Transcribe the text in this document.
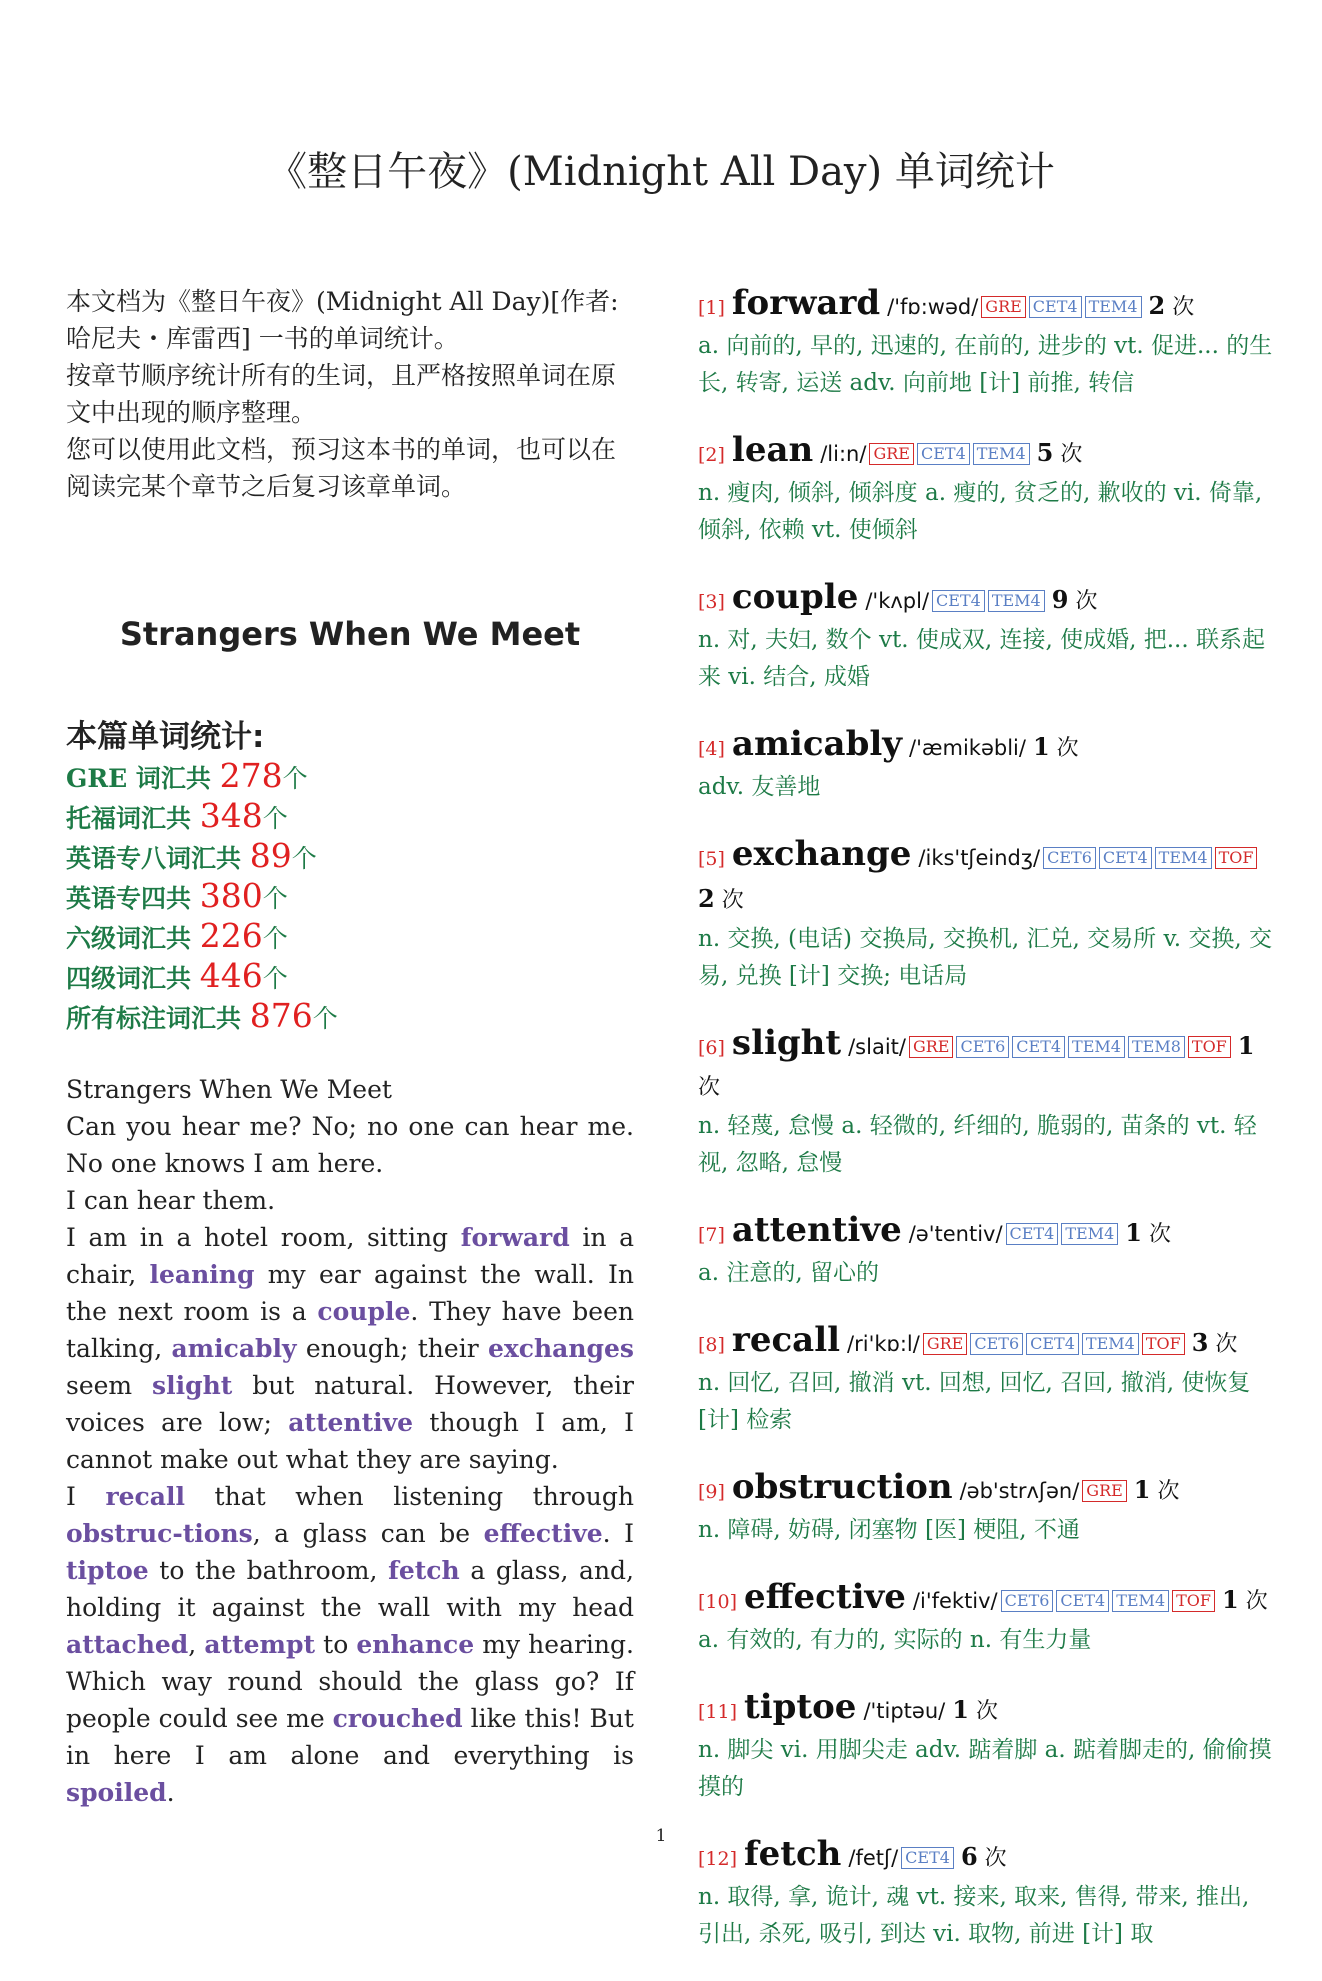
《整日午夜》(Midnight All Day) 单词统计

本文档为《整日午夜》(Midnight All Day)[作者:哈尼夫・库雷西] 一书的单词统计。

按章节顺序统计所有的生词，且严格按照单词在原文中出现的顺序整理。

您可以使用此文档，预习这本书的单词，也可以在阅读完某个章节之后复习该章单词。

Strangers When We Meet
本篇单词统计:
GRE 词汇共 278个
托福词汇共 348个
英语专八词汇共 89个
英语专四共 380个
六级词汇共 226个
四级词汇共 446个
所有标注词汇共 876个

Strangers When We Meet

Can you hear me? No; no one can hear me. No one knows I am here.

I can hear them.

I am in a hotel room, sitting forward in a chair, leaning my ear against the wall. In the next room is a couple. They have been talking, amicably enough; their exchanges seem slight but natural. However, their voices are low; attentive though I am, I cannot make out what they are saying.

I recall that when listening through obstruc-tions, a glass can be effective. I tiptoe to the bathroom, fetch a glass, and, holding it against the wall with my head attached, attempt to enhance my hearing. Which way round should the glass go? If people could see me crouched like this! But in here I am alone and everything is spoiled.

[1] forward /'fɒ:wəd/ GRE CET4 TEM4 2 次

a. 向前的, 早的, 迅速的, 在前的, 进步的 vt. 促进... 的生长, 转寄, 运送 adv. 向前地 [计] 前推, 转信

[2] lean /li:n/ GRE CET4 TEM4 5 次

n. 瘦肉, 倾斜, 倾斜度 a. 瘦的, 贫乏的, 歉收的 vi. 倚靠, 倾斜, 依赖 vt. 使倾斜

[3] couple /'kʌpl/ CET4 TEM4 9 次

n. 对, 夫妇, 数个 vt. 使成双, 连接, 使成婚, 把... 联系起来 vi. 结合, 成婚

[4] amicably /'æmikəbli/ 1 次

adv. 友善地

[5] exchange /iks'tʃeindʒ/ CET6 CET4 TEM4 TOF 2 次

n. 交换, (电话) 交换局, 交换机, 汇兑, 交易所 v. 交换, 交易, 兑换 [计] 交换; 电话局

[6] slight /slait/ GRE CET6 CET4 TEM4 TEM8 TOF 1 次

n. 轻蔑, 怠慢 a. 轻微的, 纤细的, 脆弱的, 苗条的 vt. 轻视, 忽略, 怠慢

[7] attentive /ə'tentiv/ CET4 TEM4 1 次

a. 注意的, 留心的

[8] recall /ri'kɒ:l/ GRE CET6 CET4 TEM4 TOF 3 次

n. 回忆, 召回, 撤消 vt. 回想, 回忆, 召回, 撤消, 使恢复 [计] 检索

[9] obstruction /əb'strʌʃən/ GRE 1 次

n. 障碍, 妨碍, 闭塞物 [医] 梗阻, 不通

[10] effective /i'fektiv/ CET6 CET4 TEM4 TOF 1 次

a. 有效的, 有力的, 实际的 n. 有生力量

[11] tiptoe /'tiptəu/ 1 次

n. 脚尖 vi. 用脚尖走 adv. 踮着脚 a. 踮着脚走的, 偷偷摸摸的

[12] fetch /fetʃ/ CET4 6 次

n. 取得, 拿, 诡计, 魂 vt. 接来, 取来, 售得, 带来, 推出, 引出, 杀死, 吸引, 到达 vi. 取物, 前进 [计] 取

1
